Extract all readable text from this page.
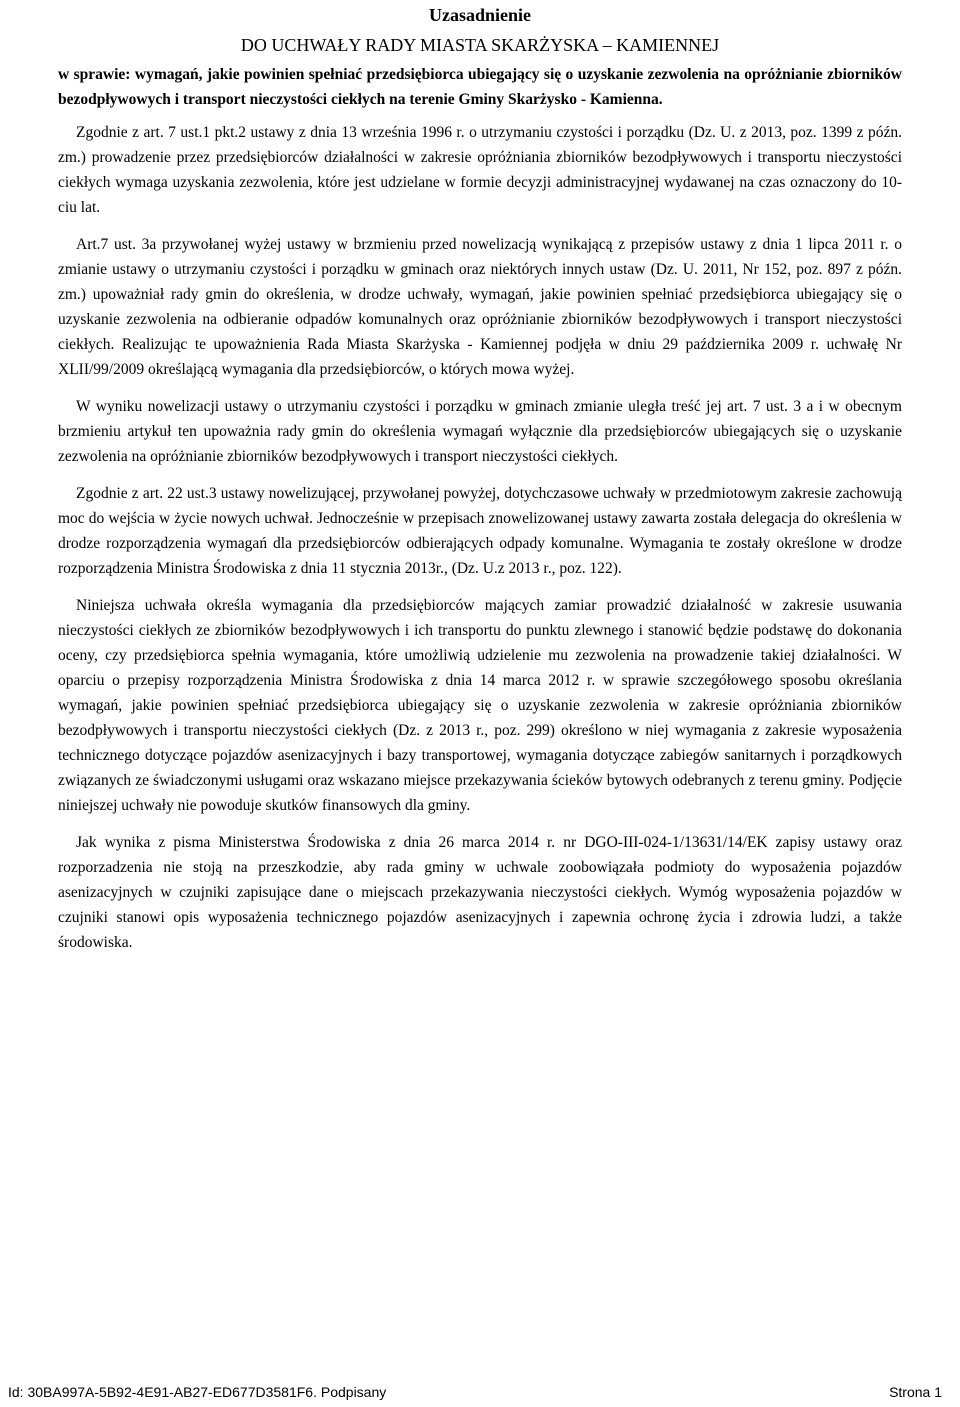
Uzasadnienie
DO UCHWAŁY RADY MIASTA SKARŻYSKA – KAMIENNEJ

w sprawie: wymagań, jakie powinien spełniać przedsiębiorca ubiegający się o uzyskanie zezwolenia na opróżnianie zbiorników bezodpływowych i transport nieczystości ciekłych na terenie Gminy Skarżysko - Kamienna.

Zgodnie z art. 7 ust.1 pkt.2 ustawy z dnia 13 września 1996 r. o utrzymaniu czystości i porządku (Dz. U. z 2013, poz. 1399 z późn. zm.) prowadzenie przez przedsiębiorców działalności w zakresie opróżniania zbiorników bezodpływowych i transportu nieczystości ciekłych wymaga uzyskania zezwolenia, które jest udzielane w formie decyzji administracyjnej wydawanej na czas oznaczony do 10-ciu lat.

Art.7 ust. 3a przywołanej wyżej ustawy w brzmieniu przed nowelizacją wynikającą z przepisów ustawy z dnia 1 lipca 2011 r. o zmianie ustawy o utrzymaniu czystości i porządku w gminach oraz niektórych innych ustaw (Dz. U. 2011, Nr 152, poz. 897 z późn. zm.) upoważniał rady gmin do określenia, w drodze uchwały, wymagań, jakie powinien spełniać przedsiębiorca ubiegający się o uzyskanie zezwolenia na odbieranie odpadów komunalnych oraz opróżnianie zbiorników bezodpływowych i transport nieczystości ciekłych. Realizując te upoważnienia Rada Miasta Skarżyska - Kamiennej podjęła w dniu 29 października 2009 r. uchwałę Nr XLII/99/2009 określającą wymagania dla przedsiębiorców, o których mowa wyżej.

W wyniku nowelizacji ustawy o utrzymaniu czystości i porządku w gminach zmianie uległa treść jej art. 7 ust. 3 a i w obecnym brzmieniu artykuł ten upoważnia rady gmin do określenia wymagań wyłącznie dla przedsiębiorców ubiegających się o uzyskanie zezwolenia na opróżnianie zbiorników bezodpływowych i transport nieczystości ciekłych.

Zgodnie z art. 22 ust.3 ustawy nowelizującej, przywołanej powyżej, dotychczasowe uchwały w przedmiotowym zakresie zachowują moc do wejścia w życie nowych uchwał. Jednocześnie w przepisach znowelizowanej ustawy zawarta została delegacja do określenia w drodze rozporządzenia wymagań dla przedsiębiorców odbierających odpady komunalne. Wymagania te zostały określone w drodze rozporządzenia Ministra Środowiska z dnia 11 stycznia 2013r., (Dz. U.z 2013 r., poz. 122).

Niniejsza uchwała określa wymagania dla przedsiębiorców mających zamiar prowadzić działalność w zakresie usuwania nieczystości ciekłych ze zbiorników bezodpływowych i ich transportu do punktu zlewnego i stanowić będzie podstawę do dokonania oceny, czy przedsiębiorca spełnia wymagania, które umożliwią udzielenie mu zezwolenia na prowadzenie takiej działalności. W oparciu o przepisy rozporządzenia Ministra Środowiska z dnia 14 marca 2012 r. w sprawie szczegółowego sposobu określania wymagań, jakie powinien spełniać przedsiębiorca ubiegający się o uzyskanie zezwolenia w zakresie opróżniania zbiorników bezodpływowych i transportu nieczystości ciekłych (Dz. z 2013 r., poz. 299) określono w niej wymagania z zakresie wyposażenia technicznego dotyczące pojazdów asenizacyjnych i bazy transportowej, wymagania dotyczące zabiegów sanitarnych i porządkowych związanych ze świadczonymi usługami oraz wskazano miejsce przekazywania ścieków bytowych odebranych z terenu gminy. Podjęcie niniejszej uchwały nie powoduje skutków finansowych dla gminy.

Jak wynika z pisma Ministerstwa Środowiska z dnia 26 marca 2014 r. nr DGO-III-024-1/13631/14/EK zapisy ustawy oraz rozporzadzenia nie stoją na przeszkodzie, aby rada gminy w uchwale zoobowiązała podmioty do wyposażenia pojazdów asenizacyjnych w czujniki zapisujące dane o miejscach przekazywania nieczystości ciekłych. Wymóg wyposażenia pojazdów w czujniki stanowi opis wyposażenia technicznego pojazdów asenizacyjnych i zapewnia ochronę życia i zdrowia ludzi, a także środowiska.

Id: 30BA997A-5B92-4E91-AB27-ED677D3581F6. Podpisany	Strona 1
